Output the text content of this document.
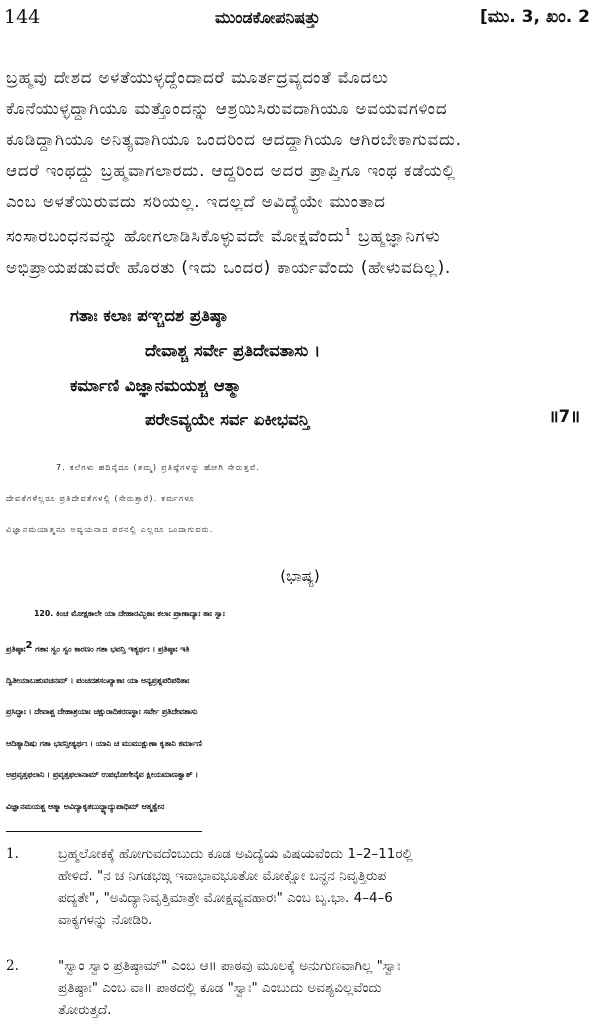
144	ಮುಂಡಕೋಪನಿಷತ್ತು	[ಮು. 3, ಖಂ. 2
ಬ್ರಹ್ಮವು ದೇಶದ ಅಳತೆಯುಳ್ಳದ್ದೆಂದಾದರೆ ಮೂರ್ತದ್ರವ್ಯದಂತೆ ಮೊದಲು
ಕೊನೆಯುಳ್ಳದ್ದಾಗಿಯೂ ಮತ್ತೊಂದನ್ನು ಆಶ್ರಯಿಸಿರುವದಾಗಿಯೂ ಅವಯವಗಳಿಂದ
ಕೂಡಿದ್ದಾಗಿಯೂ ಅನಿತ್ಯವಾಗಿಯೂ ಒಂದರಿಂದ ಆದದ್ದಾಗಿಯೂ ಆಗಿರಬೇಕಾಗುವದು.
ಆದರೆ ಇಂಥದ್ದು ಬ್ರಹ್ಮವಾಗಲಾರದು. ಆದ್ದರಿಂದ ಅದರ ಪ್ರಾಪ್ತಿಗೂ ಇಂಥ ಕಡೆಯಲ್ಲಿ
ಎಂಬ ಅಳತೆಯಿರುವದು ಸರಿಯಲ್ಲ. ಇದಲ್ಲದೆ ಅವಿದ್ಯೆಯೇ ಮುಂತಾದ
ಸಂಸಾರಬಂಧನವನ್ನು ಹೋಗಲಾಡಿಸಿಕೊಳ್ಳುವದೇ ಮೋಕ್ಷವೆಂದು$^1$ ಬ್ರಹ್ಮಜ್ಞಾನಿಗಳು
ಅಭಿಪ್ರಾಯಪಡುವರೇ ಹೊರತು (ಇದು ಒಂದರ) ಕಾರ್ಯವೆಂದು (ಹೇಳುವದಿಲ್ಲ).
ಗತಾಃ ಕಲಾಃ ಪಞ್ಚದಶ ಪ್ರತಿಷ್ಠಾ
ದೇವಾಶ್ಚ ಸರ್ವೇ ಪ್ರತಿದೇವತಾಸು ।
ಕರ್ಮಾಣಿ ವಿಜ್ಞಾನಮಯಶ್ಚ ಆತ್ಮಾ
ಪರೇಽವ್ಯಯೇ ಸರ್ವ ಏಕೀಭವನ್ತಿ	॥7॥
7. ಕಲೆಗಳು ಹದಿನೈದೂ (ತಮ್ಮ) ಪ್ರತಿಷ್ಠೆಗಳನ್ನು ಹೋಗಿ ಸೇರುತ್ತವೆ.
ದೇವತೆಗಳೆಲ್ಲರೂ ಪ್ರತಿದೇವತೆಗಳಲ್ಲಿ (ಸೇರುತ್ತಾರೆ). ಕರ್ಮಗಳೂ
ವಿಜ್ಞಾನಮಯಾತ್ಮನೂ ಅವ್ಯಯನಾದ ಪರನಲ್ಲಿ ಎಲ್ಲರೂ ಒಂದಾಗುವರು.
(ಭಾಷ್ಯ)
120. ಕಿಂಚ ಮೋಕ್ಷಕಾಲೇ ಯಾ ದೇಹಾರಮ್ಭಿಕಾಃ ಕಲಾಃ ಪ್ರಾಣಾದ್ಯಾಃ ತಾಃ ಸ್ವಾಃ
ಪ್ರತಿಷ್ಠಾಃ$^2$ ಗತಾಃ ಸ್ವಂ ಸ್ವಂ ಕಾರಣಂ ಗತಾ ಭವನ್ತಿ ಇತ್ಯರ್ಥಃ । ಪ್ರತಿಷ್ಠಾಃ ಇತಿ
ದ್ವಿತೀಯಾಬಹುವಚನಮ್ । ಪಂಚದಶಸಂಖ್ಯಾಕಾಃ ಯಾ ಅನ್ಯಪ್ರಶ್ನಪರಿಪಠಿತಾಃ
ಪ್ರಸಿದ್ಧಾಃ । ದೇವಾಶ್ಚ ದೇಹಾಶ್ರಯಾಃ ಚಕ್ಷುರಾದಿಕರಣಸ್ಥಾಃ ಸರ್ವೇ ಪ್ರತಿದೇವತಾಸು
ಆದಿತ್ಯಾದಿಷು ಗತಾ ಭವನ್ತೀತ್ಯರ್ಥಃ । ಯಾನಿ ಚ ಮುಮುಕ್ಷುಣಾ ಕೃತಾನಿ ಕರ್ಮಾಣಿ
ಅಪ್ರವೃತ್ತಫಲಾನಿ । ಪ್ರವೃತ್ತಫಲಾನಾಮ್ ಉಪಭೋಗೇನೈವ ಕ್ಷೀಯಮಾಣತ್ವಾತ್ ।
ವಿಜ್ಞಾನಮಯಶ್ಚ ಆತ್ಮಾ ಅವಿದ್ಯಾಕೃತಬುದ್ಧ್ಯಾದ್ಯುಪಾಧಿಮ್ ಆತ್ಮತ್ವೇನ
1.	ಬ್ರಹ್ಮಲೋಕಕ್ಕೆ ಹೋಗುವದೆಂಬುದು ಕೂಡ ಅವಿದ್ಯೆಯ ವಿಷಯವೆಂದು 1–2–11ರಲ್ಲಿ
ಹೇಳಿದೆ. "ನ ಚ ನಿಗಡಭಙ್ಗ ಇವಾಭಾವಭೂತೋ ಮೋಕ್ಷೋ ಬನ್ಧನ ನಿವೃತ್ತಿರುಪ
ಪದ್ಯತೇ", "ಅವಿದ್ಯಾನಿವೃತ್ತಿಮಾತ್ರೇ ಮೋಕ್ಷವ್ಯವಹಾರಃ" ಎಂಬ ಬೃ.ಭಾ. 4–4–6
ವಾಕ್ಯಗಳನ್ನು ನೋಡಿರಿ.
2.	"ಸ್ವಾಂ ಸ್ವಾಂ ಪ್ರತಿಷ್ಠಾಮ್" ಎಂಬ ಆ॥ ಪಾಠವು ಮೂಲಕ್ಕೆ ಅನುಗುಣವಾಗಿಲ್ಲ "ಸ್ವಾಃ
ಪ್ರತಿಷ್ಠಾಃ" ಎಂಬ ವಾ॥ ಪಾಠದಲ್ಲಿ ಕೂಡ "ಸ್ವಾಃ" ಎಂಬುದು ಅವಶ್ಯವಿಲ್ಲವೆಂದು
ತೋರುತ್ತದೆ.
